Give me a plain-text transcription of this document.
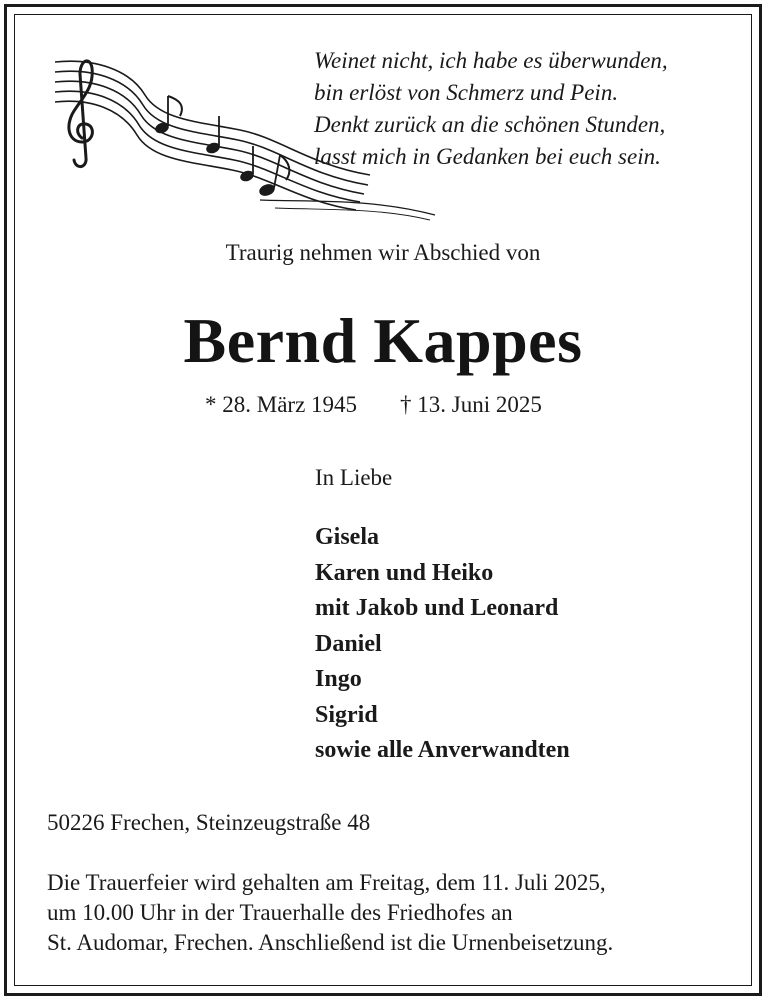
Weinet nicht, ich habe es überwunden,
bin erlöst von Schmerz und Pein.
Denkt zurück an die schönen Stunden,
lasst mich in Gedanken bei euch sein.
Traurig nehmen wir Abschied von
Bernd Kappes
* 28. März 1945 † 13. Juni 2025
In Liebe
Gisela
Karen und Heiko
mit Jakob und Leonard
Daniel
Ingo
Sigrid
sowie alle Anverwandten
50226 Frechen, Steinzeugstraße 48
Die Trauerfeier wird gehalten am Freitag, dem 11. Juli 2025,
um 10.00 Uhr in der Trauerhalle des Friedhofes an
St. Audomar, Frechen. Anschließend ist die Urnenbeisetzung.
